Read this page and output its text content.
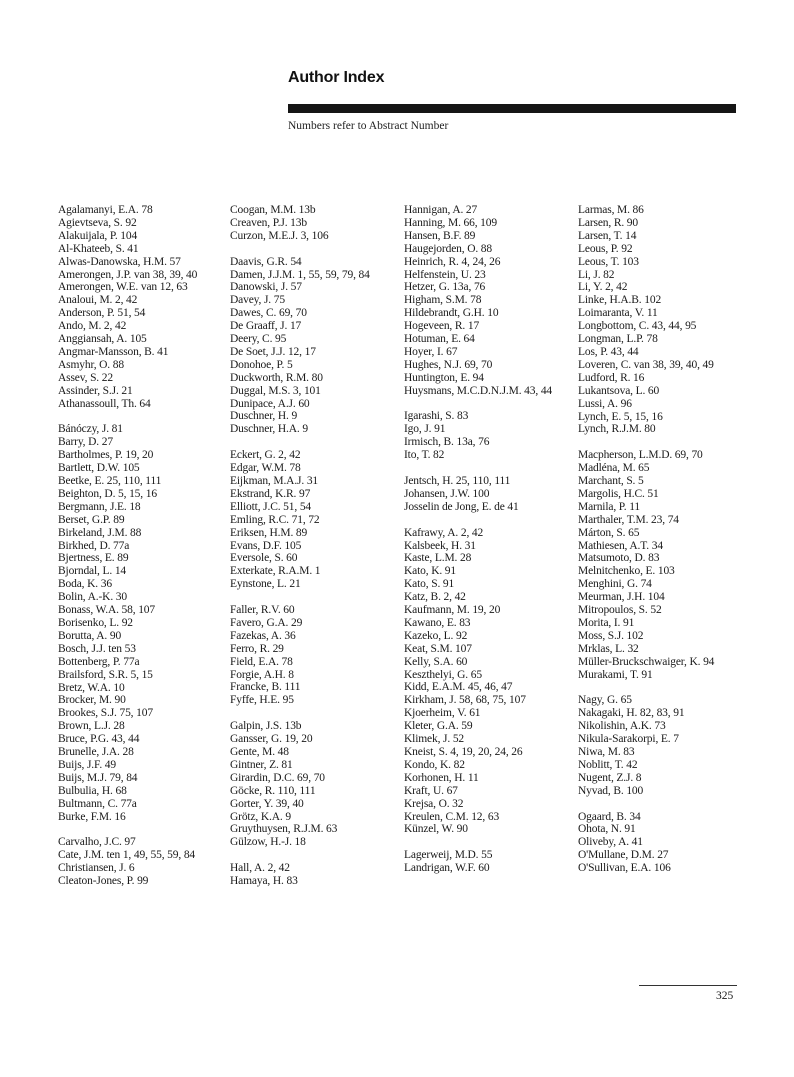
Author Index
Numbers refer to Abstract Number
Agalamanyi, E.A. 78
Agievtseva, S. 92
Alakuijala, P. 104
Al-Khateeb, S. 41
Alwas-Danowska, H.M. 57
Amerongen, J.P. van 38, 39, 40
Amerongen, W.E. van 12, 63
Analoui, M. 2, 42
Anderson, P. 51, 54
Ando, M. 2, 42
Anggiansah, A. 105
Angmar-Mansson, B. 41
Asmyhr, O. 88
Assev, S. 22
Assinder, S.J. 21
Athanassoull, Th. 64
Bánóczy, J. 81
Barry, D. 27
Bartholmes, P. 19, 20
Bartlett, D.W. 105
Beetke, E. 25, 110, 111
Beighton, D. 5, 15, 16
Bergmann, J.E. 18
Berset, G.P. 89
Birkeland, J.M. 88
Birkhed, D. 77a
Bjertness, E. 89
Bjorndal, L. 14
Boda, K. 36
Bolin, A.-K. 30
Bonass, W.A. 58, 107
Borisenko, L. 92
Borutta, A. 90
Bosch, J.J. ten 53
Bottenberg, P. 77a
Brailsford, S.R. 5, 15
Bretz, W.A. 10
Brocker, M. 90
Brookes, S.J. 75, 107
Brown, L.J. 28
Bruce, P.G. 43, 44
Brunelle, J.A. 28
Buijs, J.F. 49
Buijs, M.J. 79, 84
Bulbulia, H. 68
Bultmann, C. 77a
Burke, F.M. 16
Carvalho, J.C. 97
Cate, J.M. ten 1, 49, 55, 59, 84
Christiansen, J. 6
Cleaton-Jones, P. 99
Coogan, M.M. 13b
Creaven, P.J. 13b
Curzon, M.E.J. 3, 106
Daavis, G.R. 54
Damen, J.J.M. 1, 55, 59, 79, 84
Danowski, J. 57
Davey, J. 75
Dawes, C. 69, 70
De Graaff, J. 17
Deery, C. 95
De Soet, J.J. 12, 17
Donohoe, P. 5
Duckworth, R.M. 80
Duggal, M.S. 3, 101
Dunipace, A.J. 60
Duschner, H. 9
Duschner, H.A. 9
Eckert, G. 2, 42
Edgar, W.M. 78
Eijkman, M.A.J. 31
Ekstrand, K.R. 97
Elliott, J.C. 51, 54
Emling, R.C. 71, 72
Eriksen, H.M. 89
Evans, D.F. 105
Eversole, S. 60
Exterkate, R.A.M. 1
Eynstone, L. 21
Faller, R.V. 60
Favero, G.A. 29
Fazekas, A. 36
Ferro, R. 29
Field, E.A. 78
Forgie, A.H. 8
Francke, B. 111
Fyffe, H.E. 95
Galpin, J.S. 13b
Gansser, G. 19, 20
Gente, M. 48
Gintner, Z. 81
Girardin, D.C. 69, 70
Göcke, R. 110, 111
Gorter, Y. 39, 40
Grötz, K.A. 9
Gruythuysen, R.J.M. 63
Gülzow, H.-J. 18
Hall, A. 2, 42
Hamaya, H. 83
Hannigan, A. 27
Hanning, M. 66, 109
Hansen, B.F. 89
Haugejorden, O. 88
Heinrich, R. 4, 24, 26
Helfenstein, U. 23
Hetzer, G. 13a, 76
Higham, S.M. 78
Hildebrandt, G.H. 10
Hogeveen, R. 17
Hotuman, E. 64
Hoyer, I. 67
Hughes, N.J. 69, 70
Huntington, E. 94
Huysmans, M.C.D.N.J.M. 43, 44
Igarashi, S. 83
Igo, J. 91
Irmisch, B. 13a, 76
Ito, T. 82
Jentsch, H. 25, 110, 111
Johansen, J.W. 100
Josselin de Jong, E. de 41
Kafrawy, A. 2, 42
Kalsbeek, H. 31
Kaste, L.M. 28
Kato, K. 91
Kato, S. 91
Katz, B. 2, 42
Kaufmann, M. 19, 20
Kawano, E. 83
Kazeko, L. 92
Keat, S.M. 107
Kelly, S.A. 60
Keszthelyi, G. 65
Kidd, E.A.M. 45, 46, 47
Kirkham, J. 58, 68, 75, 107
Kjoerheim, V. 61
Kleter, G.A. 59
Klimek, J. 52
Kneist, S. 4, 19, 20, 24, 26
Kondo, K. 82
Korhonen, H. 11
Kraft, U. 67
Krejsa, O. 32
Kreulen, C.M. 12, 63
Künzel, W. 90
Lagerweij, M.D. 55
Landrigan, W.F. 60
Larmas, M. 86
Larsen, R. 90
Larsen, T. 14
Leous, P. 92
Leous, T. 103
Li, J. 82
Li, Y. 2, 42
Linke, H.A.B. 102
Loimaranta, V. 11
Longbottom, C. 43, 44, 95
Longman, L.P. 78
Los, P. 43, 44
Loveren, C. van 38, 39, 40, 49
Ludford, R. 16
Lukantsova, L. 60
Lussi, A. 96
Lynch, E. 5, 15, 16
Lynch, R.J.M. 80
Macpherson, L.M.D. 69, 70
Madléna, M. 65
Marchant, S. 5
Margolis, H.C. 51
Marnila, P. 11
Marthaler, T.M. 23, 74
Márton, S. 65
Mathiesen, A.T. 34
Matsumoto, D. 83
Melnitchenko, E. 103
Menghini, G. 74
Meurman, J.H. 104
Mitropoulos, S. 52
Morita, I. 91
Moss, S.J. 102
Mrklas, L. 32
Müller-Bruckschwaiger, K. 94
Murakami, T. 91
Nagy, G. 65
Nakagaki, H. 82, 83, 91
Nikolishin, A.K. 73
Nikula-Sarakorpi, E. 7
Niwa, M. 83
Noblitt, T. 42
Nugent, Z.J. 8
Nyvad, B. 100
Ogaard, B. 34
Ohota, N. 91
Oliveby, A. 41
O'Mullane, D.M. 27
O'Sullivan, E.A. 106
325
